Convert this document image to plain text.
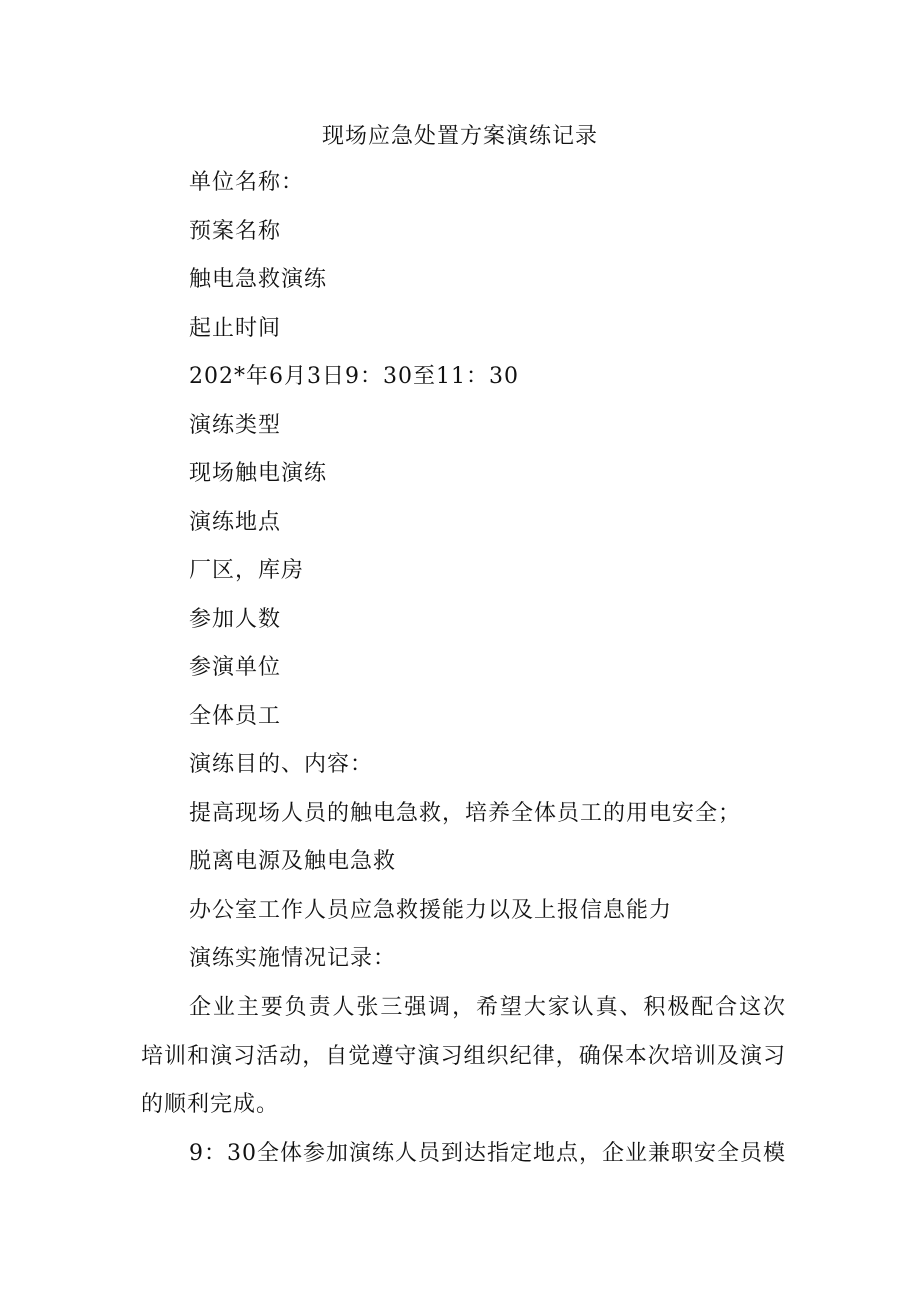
现场应急处置方案演练记录
单位名称：
预案名称
触电急救演练
起止时间
202*年6月3日9：30至11：30
演练类型
现场触电演练
演练地点
厂区，库房
参加人数
参演单位
全体员工
演练目的、内容：
提高现场人员的触电急救，培养全体员工的用电安全；
脱离电源及触电急救
办公室工作人员应急救援能力以及上报信息能力
演练实施情况记录：

企业主要负责人张三强调，希望大家认真、积极配合这次培训和演习活动，自觉遵守演习组织纪律，确保本次培训及演习的顺利完成。

9：30全体参加演练人员到达指定地点，企业兼职安全员模
